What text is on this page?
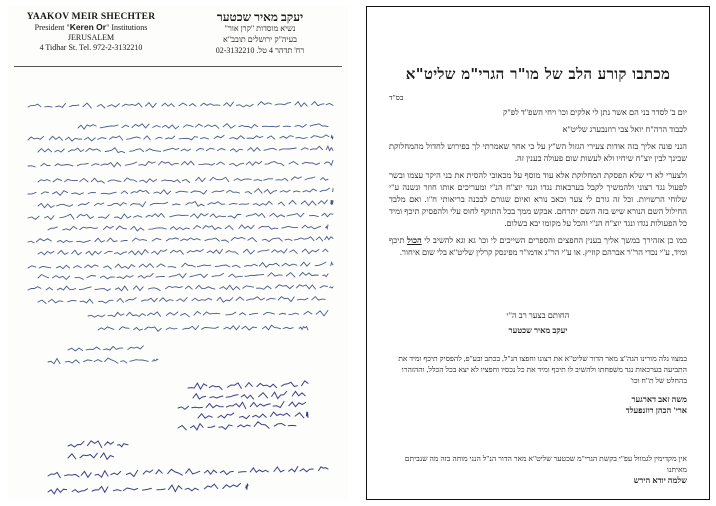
YAAKOV MEIR SHECHTER
President "Keren Or" Institutions
JERUSALEM
4 Tidhar St. Tel. 972-2-3132210
יעקב מאיר שכטער
נשיא מוסדות "קרן אור"
בעיה"ק ירושלים תובב"א
רח' תדהר 4 טל. 02-3132210
מכתבו קורע הלב של מו"ר הגרי"מ שליט"א
בס"ד

יום ב' לסדר בני הם אשר נתן לי אלקים וכו' ויחי השפ"ד לפ"ק

לכבוד הרה"ח יואל צבי רוזנבערג שליט"א

הנני פונה אליך בזה אודות צעירי הגזול הש"ץ על כי אחר שאמרתי לך בפירוש לחדול מהמחלוקת שבינך לבין יוצ"ח שיחיו ולא לעשות שום פעולה בענין זה.

ולצערי לא די שלא הפסקת המחלוקת אלא עוד מוסף על מכאובי להסית את בני היקר עצמו ובשר לפעול נגד רצוני ולהמשיך לקבל בערכאות נגדו וגנד יוצ"ח הנ"י ומעריכים אותו חוזר ונשנה ע"י שלוחי הרשויות. וכל זה גורם לי צער וכאב נורא ואיום שגורם לבכנה בריאותי ח"ו. ואם מלבד החילול השם הנורא שיש בזה השם יתרחם. אבקש ממך בכל התוקף לחוס עלי ולהפסיק תיכף ומיד כל הפעולות נגדו ונגד יוצ"ח הנ"י והכל על מקומו יבא בשלום.

כמו כן אזהירך במשך אליך בענין החפצים והספרים השייכים לי וכו' גא וגא להשיב לי הכול תיכף ומיד, ע"י נכדי הר"ר אברהם קוזיץ. או ע"י הר"ג אדמו"ר מפינסק קרלין שליט"א בלי שום איחור.

החותם בצער רב ה"י
יעקב מאיר שכטער
במצוו גלה מורינו הגה"צ מאר הדור שליט"א את רצונו וחפצו הנ"ל, בכתב ובע"פ, להפסיק תיכף ומיד את התביעה בערכאות נגד משפחתו ולהשיב לו תיכף ומיד את כל נכסיו וחפציו לא יצא בכל הכלל, וההזהרו בהחלט של ת"ח וכו'
משה זאב דארגער
ארי' הכהן רוזנפעלד
אין מקדימין לגמוול עפ"י בקשת הגרי"מ שכטער שליט"א מאר הדור הנ"ל הנני מוחה בזה מה שנביתם מאיתנו
שלמה יודא הירש
